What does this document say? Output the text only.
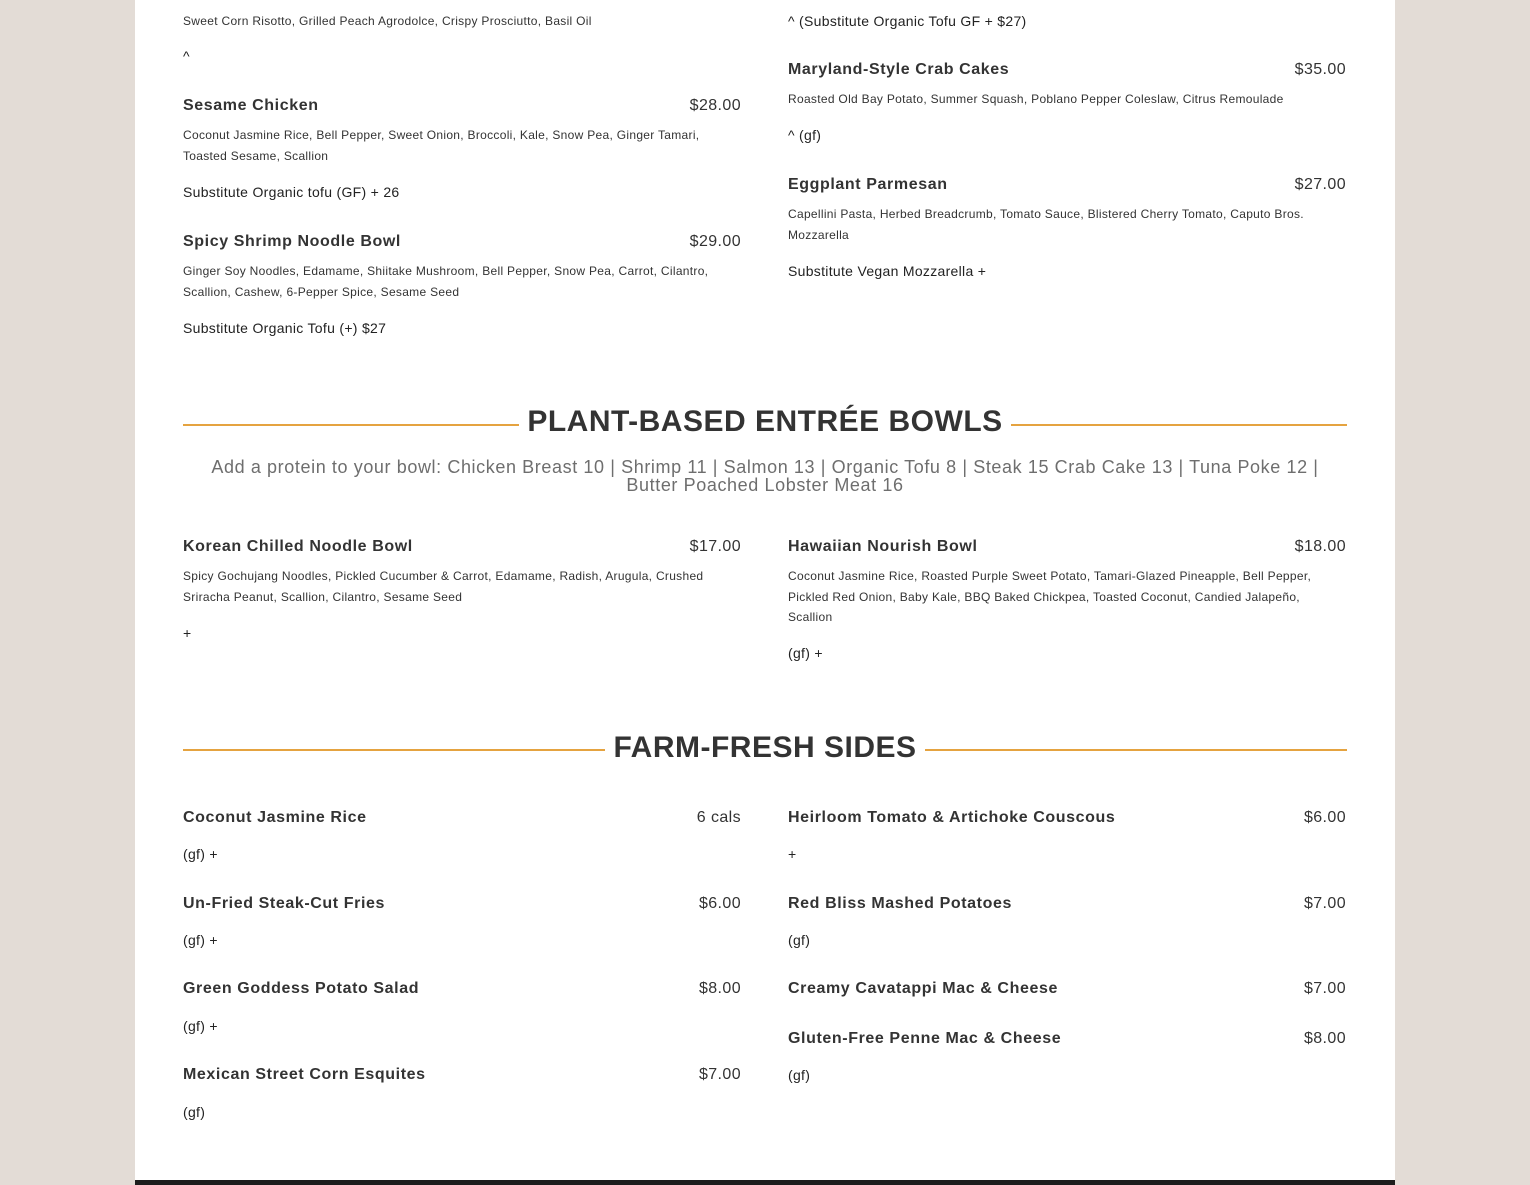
Sweet Corn Risotto, Grilled Peach Agrodolce, Crispy Prosciutto, Basil Oil
^
Sesame Chicken	$28.00
Coconut Jasmine Rice, Bell Pepper, Sweet Onion, Broccoli, Kale, Snow Pea, Ginger Tamari, Toasted Sesame, Scallion
Substitute Organic tofu (GF) + 26
Spicy Shrimp Noodle Bowl	$29.00
Ginger Soy Noodles, Edamame, Shiitake Mushroom, Bell Pepper, Snow Pea, Carrot, Cilantro, Scallion, Cashew, 6-Pepper Spice, Sesame Seed
Substitute Organic Tofu (+) $27
^ (Substitute Organic Tofu GF + $27)
Maryland-Style Crab Cakes	$35.00
Roasted Old Bay Potato, Summer Squash, Poblano Pepper Coleslaw, Citrus Remoulade
^ (gf)
Eggplant Parmesan	$27.00
Capellini Pasta, Herbed Breadcrumb, Tomato Sauce, Blistered Cherry Tomato, Caputo Bros. Mozzarella
Substitute Vegan Mozzarella +
PLANT-BASED ENTRÉE BOWLS
Add a protein to your bowl: Chicken Breast 10 | Shrimp 11 | Salmon 13 | Organic Tofu 8 | Steak 15 Crab Cake 13 | Tuna Poke 12 | Butter Poached Lobster Meat 16
Korean Chilled Noodle Bowl	$17.00
Spicy Gochujang Noodles, Pickled Cucumber & Carrot, Edamame, Radish, Arugula, Crushed Sriracha Peanut, Scallion, Cilantro, Sesame Seed
+
Hawaiian Nourish Bowl	$18.00
Coconut Jasmine Rice, Roasted Purple Sweet Potato, Tamari-Glazed Pineapple, Bell Pepper, Pickled Red Onion, Baby Kale, BBQ Baked Chickpea, Toasted Coconut, Candied Jalapeño, Scallion
(gf) +
FARM-FRESH SIDES
Coconut Jasmine Rice	6 cals
(gf) +
Un-Fried Steak-Cut Fries	$6.00
(gf) +
Green Goddess Potato Salad	$8.00
(gf) +
Mexican Street Corn Esquites	$7.00
(gf)
Heirloom Tomato & Artichoke Couscous	$6.00
+
Red Bliss Mashed Potatoes	$7.00
(gf)
Creamy Cavatappi Mac & Cheese	$7.00
Gluten-Free Penne Mac & Cheese	$8.00
(gf)
